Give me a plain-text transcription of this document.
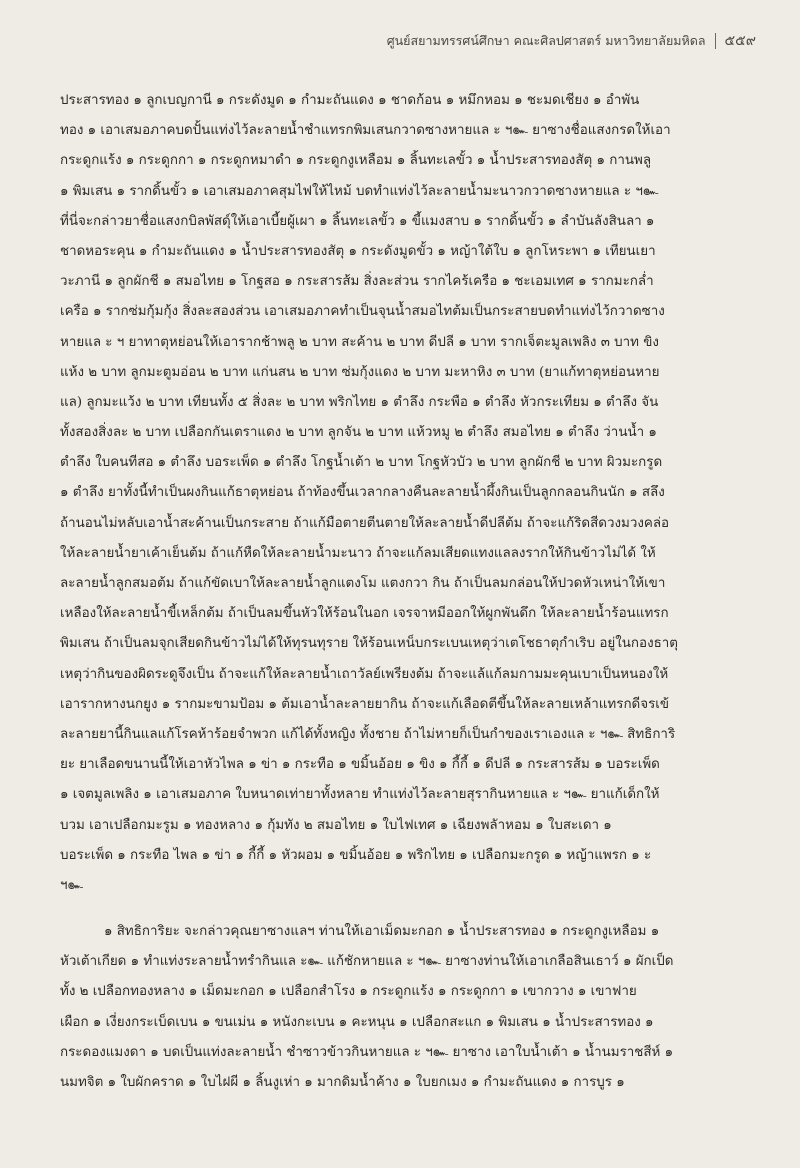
ศูนย์สยามทรรศน์ศึกษา คณะศิลปศาสตร์ มหาวิทยาลัยมหิดล ๕๕๙
ประสารทอง ๑ ลูกเบญกานี ๑ กระดังมูด ๑ กำมะถันแดง ๑ ชาดก้อน ๑ หมึกหอม ๑ ชะมดเชียง ๑ อำพัน
ทอง ๑ เอาเสมอภาคบดปั้นแท่งไว้ละลายน้ำชำแทรกพิมเสนกวาดซางหายแล ะ ฯ๛ ยาซางชื่อแสงกรดให้เอา
กระดูกแร้ง ๑ กระดูกกา ๑ กระดูกหมาดำ ๑ กระดูกงูเหลือม ๑ ลิ้นทะเลขั้ว ๑ น้ำประสารทองสัตุ ๑ กานพลู
๑ พิมเสน ๑ รากดิ้นขั้ว ๑ เอาเสมอภาคสุมไฟให้ไหม้ บดทำแท่งไว้ละลายน้ำมะนาวกวาดซางหายแล ะ ฯ๛
ที่นี่จะกล่าวยาชื่อแสงกบิลพัสดุ์ให้เอาเบี้ยผู้เผา ๑ ลิ้นทะเลขั้ว ๑ ขี้แมงสาบ ๑ รากดิ้นขั้ว ๑ ลำบันลังสินลา ๑
ชาดหอระคุน ๑ กำมะถันแดง ๑ น้ำประสารทองสัตุ ๑ กระดังมูดขั้ว ๑ หญ้าใต้ใบ ๑ ลูกโหระพา ๑ เทียนเยา
วะภานี ๑ ลูกผักชี ๑ สมอไทย ๑ โกฐสอ ๑ กระสารส้ม สิ่งละส่วน รากไคร้เครือ ๑ ชะเอมเทศ ๑ รากมะกล่ำ
เครือ ๑ รากซ่มกุ้มกุ้ง สิ่งละสองส่วน เอาเสมอภาคทำเป็นจุนน้ำสมอไทต้มเป็นกระสายบดทำแท่งไว้กวาดซาง
หายแล ะ ฯ ยาทาตุหย่อนให้เอารากช้าพลู ๒ บาท สะค้าน ๒ บาท ดีปลี ๑ บาท รากเจ็ตะมูลเพลิง ๓ บาท ขิง
แห้ง ๒ บาท ลูกมะตูมอ่อน ๒ บาท แก่นสน ๒ บาท ซ่มกุ้งแดง ๒ บาท มะหาหิง ๓ บาท (ยาแก้ทาตุหย่อนหาย
แล) ลูกมะแว้ง ๒ บาท เทียนทั้ง ๕ สิ่งละ ๒ บาท พริกไทย ๑ ตำลึง กระพือ ๑ ตำลึง หัวกระเทียม ๑ ตำลึง จัน
ทั้งสองสิ่งละ ๒ บาท เปลือกกันเตราแดง ๒ บาท ลูกจัน ๒ บาท แห้วหมู ๒ ตำลึง สมอไทย ๑ ตำลึง ว่านน้ำ ๑
ตำลึง ใบคนทีสอ ๑ ตำลึง บอระเพ็ด ๑ ตำลึง โกฐน้ำเต้า ๒ บาท โกฐหัวบัว ๒ บาท ลูกผักชี ๒ บาท ผิวมะกรูด
๑ ตำลึง ยาทั้งนี้ทำเป็นผงกินแก้ธาตุหย่อน ถ้าท้องขึ้นเวลากลางคืนละลายน้ำผึ้งกินเป็นลูกกลอนกินนัก ๑ สลึง
ถ้านอนไม่หลับเอาน้ำสะค้านเป็นกระสาย ถ้าแก้มือตายตีนตายให้ละลายน้ำดีปลีต้ม ถ้าจะแก้ริดสีดวงมวงคล่อ
ให้ละลายน้ำยาเค้าเย็นต้ม ถ้าแก้หืดให้ละลายน้ำมะนาว ถ้าจะแก้ลมเสียดแทงแลลงรากให้กินข้าวไม่ได้ ให้
ละลายน้ำลูกสมอต้ม ถ้าแก้ขัดเบาให้ละลายน้ำลูกแตงโม แตงกวา กิน ถ้าเป็นลมกล่อนให้ปวดหัวเหน่าให้เขา
เหลืองให้ละลายน้ำขี้เหล็กต้ม ถ้าเป็นลมขึ้นหัวให้ร้อนในอก เจรจาหมีออกให้ผูกพันดึก ให้ละลายน้ำร้อนแทรก
พิมเสน ถ้าเป็นลมจุกเสียดกินข้าวไม่ได้ให้ทุรนทุราย ให้ร้อนเหน็บกระเบนเหตุว่าเตโชธาตุกำเริบ อยู่ในกองธาตุ
เหตุว่ากินของผิดระดูจึงเป็น ถ้าจะแก้ให้ละลายน้ำเถาวัลย์เพรียงต้ม ถ้าจะแล้แก้ลมกามมะคุนเบาเป็นหนองให้
เอารากหางนกยูง ๑ รากมะขามป้อม ๑ ต้มเอาน้ำละลายยากิน ถ้าจะแก้เลือดตีขึ้นให้ละลายเหล้าแทรกดีจรเข้
ละลายยานี้กินแลแก้โรคห้าร้อยจำพวก แก้ได้ทั้งหญิง ทั้งชาย ถ้าไม่หายก็เป็นกำของเราเองแล ะ ฯ๛ สิทธิการิ
ยะ ยาเลือดขนานนี้ให้เอาหัวไพล ๑ ข่า ๑ กระทือ ๑ ขมิ้นอ้อย ๑ ขิง ๑ กี้กี้ ๑ ดีปลี ๑ กระสารส้ม ๑ บอระเพ็ด
๑ เจตมูลเพลิง ๑ เอาเสมอภาค ใบหนาดเท่ายาทั้งหลาย ทำแท่งไว้ละลายสุรากินหายแล ะ ฯ๛ ยาแก้เด็กให้
บวม เอาเปลือกมะรูม ๑ ทองหลาง ๑ กุ้มทัง ๒ สมอไทย ๑ ใบไฟเทศ ๑ เฉียงพลัาหอม ๑ ใบสะเดา ๑
บอระเพ็ด ๑ กระทือ ไพล ๑ ข่า ๑ กี้กี้ ๑ หัวผอม ๑ ขมิ้นอ้อย ๑ พริกไทย ๑ เปลือกมะกรูด ๑ หญ้าแพรก ๑ ะ
ฯ๛
๑ สิทธิการิยะ จะกล่าวคุณยาซางแลฯ ท่านให้เอาเม็ดมะกอก ๑ น้ำประสารทอง ๑ กระดูกงูเหลือม ๑
หัวเต้าเกียด ๑ ทำแท่งระลายน้ำทรำกินแล ะ๛ แก้ชักหายแล ะ ฯ๛ ยาซางท่านให้เอาเกลือสินเธาว์ ๑ ผักเป็ด
ทั้ง ๒ เปลือกทองหลาง ๑ เม็ดมะกอก ๑ เปลือกสำโรง ๑ กระดูกแร้ง ๑ กระดูกกา ๑ เขากวาง ๑ เขาฟาย
เผือก ๑ เงี่ยงกระเบ็ดเบน ๑ ขนเม่น ๑ หนังกะเบน ๑ คะหนุน ๑ เปลือกสะแก ๑ พิมเสน ๑ น้ำประสารทอง ๑
กระดองแมงดา ๑ บดเป็นแท่งละลายน้ำ ชำซาวข้าวกินหายแล ะ ฯ๛ ยาซาง เอาใบน้ำเต้า ๑ น้ำนมราชสีห์ ๑
นมทจิต ๑ ใบผักคราด ๑ ใบไฝผี ๑ ลิ้นงูเห่า ๑ มากดิมน้ำค้าง ๑ ใบยกเมง ๑ กำมะถันแดง ๑ การบูร ๑
